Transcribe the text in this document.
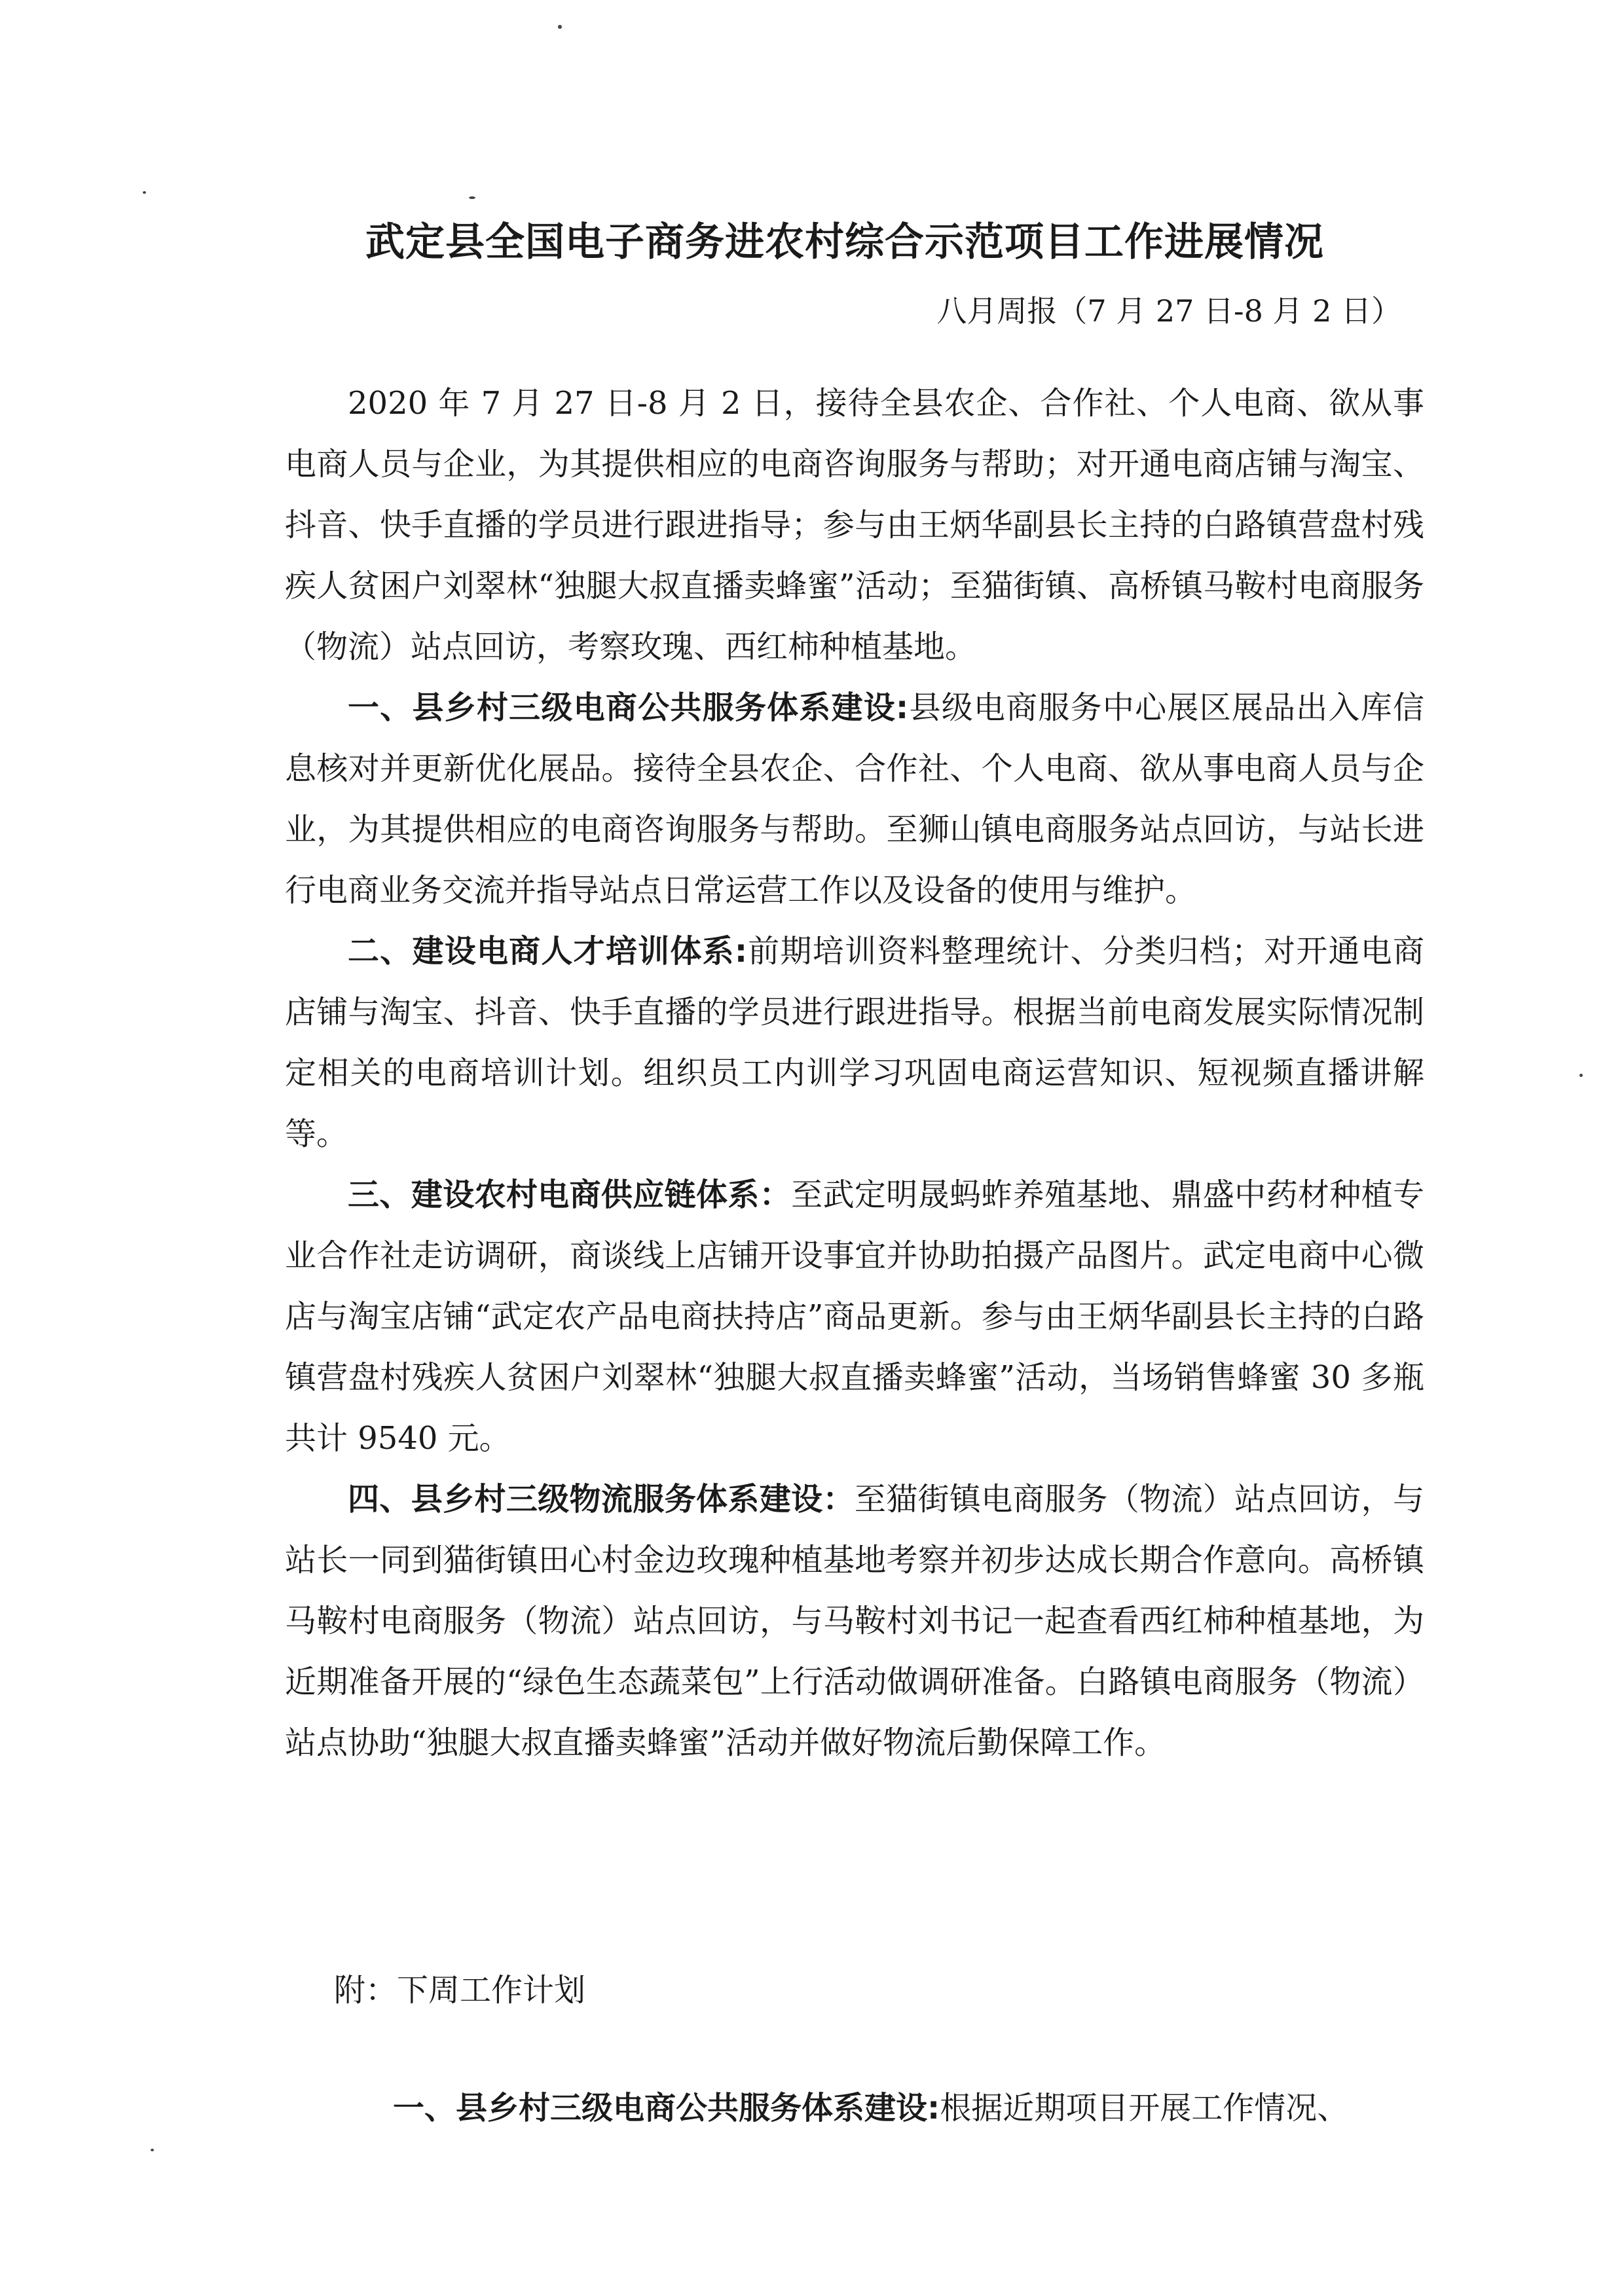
武定县全国电子商务进农村综合示范项目工作进展情况
八月周报（7 月 27 日-8 月 2 日）

2020 年 7 月 27 日-8 月 2 日，接待全县农企、合作社、个人电商、欲从事电商人员与企业，为其提供相应的电商咨询服务与帮助；对开通电商店铺与淘宝、抖音、快手直播的学员进行跟进指导；参与由王炳华副县长主持的白路镇营盘村残疾人贫困户刘翠林“独腿大叔直播卖蜂蜜”活动；至猫街镇、高桥镇马鞍村电商服务（物流）站点回访，考察玫瑰、西红柿种植基地。

一、县乡村三级电商公共服务体系建设:县级电商服务中心展区展品出入库信息核对并更新优化展品。接待全县农企、合作社、个人电商、欲从事电商人员与企业，为其提供相应的电商咨询服务与帮助。至狮山镇电商服务站点回访，与站长进行电商业务交流并指导站点日常运营工作以及设备的使用与维护。

二、建设电商人才培训体系:前期培训资料整理统计、分类归档；对开通电商店铺与淘宝、抖音、快手直播的学员进行跟进指导。根据当前电商发展实际情况制定相关的电商培训计划。组织员工内训学习巩固电商运营知识、短视频直播讲解等。

三、建设农村电商供应链体系：至武定明晟蚂蚱养殖基地、鼎盛中药材种植专业合作社走访调研，商谈线上店铺开设事宜并协助拍摄产品图片。武定电商中心微店与淘宝店铺“武定农产品电商扶持店”商品更新。参与由王炳华副县长主持的白路镇营盘村残疾人贫困户刘翠林“独腿大叔直播卖蜂蜜”活动，当场销售蜂蜜 30 多瓶共计 9540 元。

四、县乡村三级物流服务体系建设：至猫街镇电商服务（物流）站点回访，与站长一同到猫街镇田心村金边玫瑰种植基地考察并初步达成长期合作意向。高桥镇马鞍村电商服务（物流）站点回访，与马鞍村刘书记一起查看西红柿种植基地，为近期准备开展的“绿色生态蔬菜包”上行活动做调研准备。白路镇电商服务（物流）站点协助“独腿大叔直播卖蜂蜜”活动并做好物流后勤保障工作。

附：下周工作计划
一、县乡村三级电商公共服务体系建设:根据近期项目开展工作情况、
